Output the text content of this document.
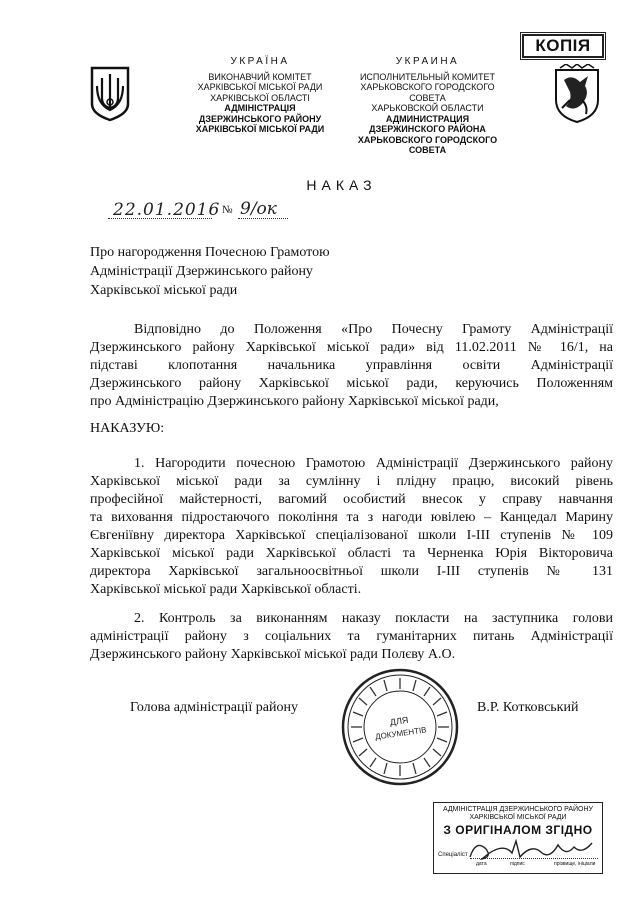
КОПІЯ
УКРАЇНА
ВИКОНАВЧИЙ КОМІТЕТ
ХАРКІВСЬКОЇ МІСЬКОЇ РАДИ
ХАРКІВСЬКОЇ ОБЛАСТІ
АДМІНІСТРАЦІЯ
ДЗЕРЖИНСЬКОГО РАЙОНУ
ХАРКІВСЬКОЇ МІСЬКОЇ РАДИ
УКРАИНА
ИСПОЛНИТЕЛЬНЫЙ КОМИТЕТ
ХАРЬКОВСКОГО ГОРОДСКОГО СОВЕТА
ХАРЬКОВСКОЙ ОБЛАСТИ
АДМИНИСТРАЦИЯ
ДЗЕРЖИНСКОГО РАЙОНА
ХАРЬКОВСКОГО ГОРОДСКОГО СОВЕТА
НАКАЗ
22.01.2016 № 9/ок
Про нагородження Почесною Грамотою
Адміністрації Дзержинського району
Харківської міської ради
Відповідно до Положення «Про Почесну Грамоту Адміністрації
Дзержинського району Харківської міської ради» від 11.02.2011 № 16/1, на
підставі клопотання начальника управління освіти Адміністрації
Дзержинського району Харківської міської ради, керуючись Положенням
про Адміністрацію Дзержинського району Харківської міської ради,
НАКАЗУЮ:
1. Нагородити почесною Грамотою Адміністрації Дзержинського району
Харківської міської ради за сумлінну і плідну працю, високий рівень
професійної майстерності, вагомий особистий внесок у справу навчання
та виховання підростаючого покоління та з нагоди ювілею – Канцедал Марину
Євгеніївну директора Харківської спеціалізованої школи І-ІІІ ступенів № 109
Харківської міської ради Харківської області та Черненка Юрія Вікторовича
директора Харківської загальноосвітньої школи І-ІІІ ступенів № 131
Харківської міської ради Харківської області.
2. Контроль за виконанням наказу покласти на заступника голови
адміністрації району з соціальних та гуманітарних питань Адміністрації
Дзержинського району Харківської міської ради Полєву А.О.
Голова адміністрації району	В.Р. Котковський
ДЛЯ
ДОКУМЕНТІВ
АДМІНІСТРАЦІЯ ДЗЕРЖИНСЬКОГО РАЙОНУ
ХАРКІВСЬКОЇ МІСЬКОЇ РАДИ
З ОРИГІНАЛОМ ЗГІДНО
Спеціаліст
дата	підпис	прізвище, ініціали
